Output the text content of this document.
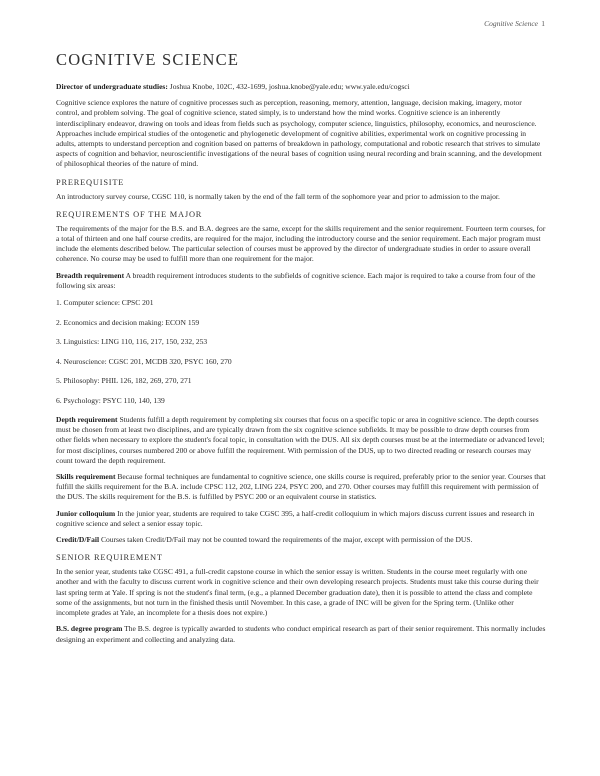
Cognitive Science 1
COGNITIVE SCIENCE

Director of undergraduate studies: Joshua Knobe, 102C, 432-1699, joshua.knobe@yale.edu; www.yale.edu/cogsci

Cognitive science explores the nature of cognitive processes such as perception, reasoning, memory, attention, language, decision making, imagery, motor control, and problem solving. The goal of cognitive science, stated simply, is to understand how the mind works. Cognitive science is an inherently interdisciplinary endeavor, drawing on tools and ideas from fields such as psychology, computer science, linguistics, philosophy, economics, and neuroscience. Approaches include empirical studies of the ontogenetic and phylogenetic development of cognitive abilities, experimental work on cognitive processing in adults, attempts to understand perception and cognition based on patterns of breakdown in pathology, computational and robotic research that strives to simulate aspects of cognition and behavior, neuroscientific investigations of the neural bases of cognition using neural recording and brain scanning, and the development of philosophical theories of the nature of mind.

PREREQUISITE

An introductory survey course, CGSC 110, is normally taken by the end of the fall term of the sophomore year and prior to admission to the major.

REQUIREMENTS OF THE MAJOR

The requirements of the major for the B.S. and B.A. degrees are the same, except for the skills requirement and the senior requirement. Fourteen term courses, for a total of thirteen and one half course credits, are required for the major, including the introductory course and the senior requirement. Each major program must include the elements described below. The particular selection of courses must be approved by the director of undergraduate studies in order to assure overall coherence. No course may be used to fulfill more than one requirement for the major.

Breadth requirement A breadth requirement introduces students to the subfields of cognitive science. Each major is required to take a course from four of the following six areas:

1. Computer science: CPSC 201
2. Economics and decision making: ECON 159
3. Linguistics: LING 110, 116, 217, 150, 232, 253
4. Neuroscience: CGSC 201, MCDB 320, PSYC 160, 270
5. Philosophy: PHIL 126, 182, 269, 270, 271
6. Psychology: PSYC 110, 140, 139

Depth requirement Students fulfill a depth requirement by completing six courses that focus on a specific topic or area in cognitive science. The depth courses must be chosen from at least two disciplines, and are typically drawn from the six cognitive science subfields. It may be possible to draw depth courses from other fields when necessary to explore the student's focal topic, in consultation with the DUS. All six depth courses must be at the intermediate or advanced level; for most disciplines, courses numbered 200 or above fulfill the requirement. With permission of the DUS, up to two directed reading or research courses may count toward the depth requirement.

Skills requirement Because formal techniques are fundamental to cognitive science, one skills course is required, preferably prior to the senior year. Courses that fulfill the skills requirement for the B.A. include CPSC 112, 202, LING 224, PSYC 200, and 270. Other courses may fulfill this requirement with permission of the DUS. The skills requirement for the B.S. is fulfilled by PSYC 200 or an equivalent course in statistics.

Junior colloquium In the junior year, students are required to take CGSC 395, a half-credit colloquium in which majors discuss current issues and research in cognitive science and select a senior essay topic.

Credit/D/Fail Courses taken Credit/D/Fail may not be counted toward the requirements of the major, except with permission of the DUS.

SENIOR REQUIREMENT

In the senior year, students take CGSC 491, a full-credit capstone course in which the senior essay is written. Students in the course meet regularly with one another and with the faculty to discuss current work in cognitive science and their own developing research projects. Students must take this course during their last spring term at Yale. If spring is not the student's final term, (e.g., a planned December graduation date), then it is possible to attend the class and complete some of the assignments, but not turn in the finished thesis until November. In this case, a grade of INC will be given for the Spring term. (Unlike other incomplete grades at Yale, an incomplete for a thesis does not expire.)

B.S. degree program The B.S. degree is typically awarded to students who conduct empirical research as part of their senior requirement. This normally includes designing an experiment and collecting and analyzing data.
